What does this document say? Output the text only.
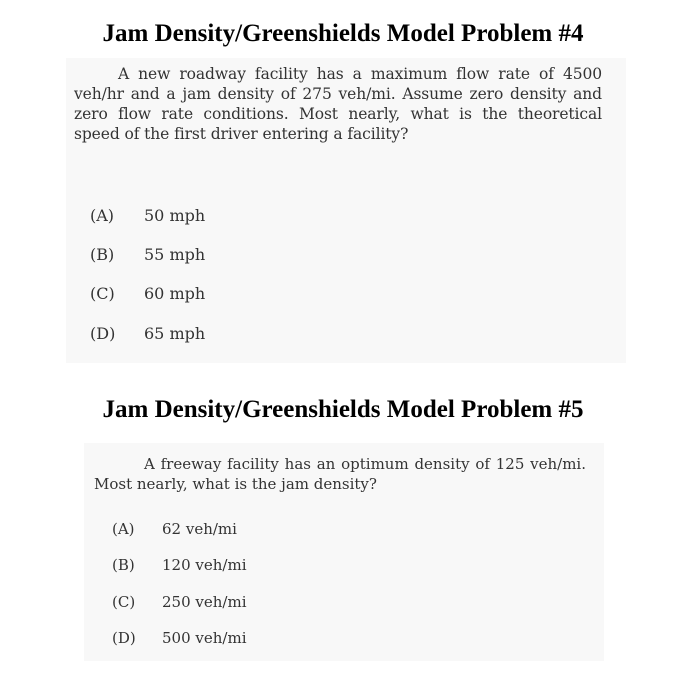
Jam Density/Greenshields Model Problem #4
A new roadway facility has a maximum flow rate of 4500 veh/hr and a jam density of 275 veh/mi. Assume zero density and zero flow rate conditions. Most nearly, what is the theoretical speed of the first driver entering a facility?
(A) 50 mph
(B) 55 mph
(C) 60 mph
(D) 65 mph
Jam Density/Greenshields Model Problem #5
A freeway facility has an optimum density of 125 veh/mi. Most nearly, what is the jam density?
(A) 62 veh/mi
(B) 120 veh/mi
(C) 250 veh/mi
(D) 500 veh/mi
